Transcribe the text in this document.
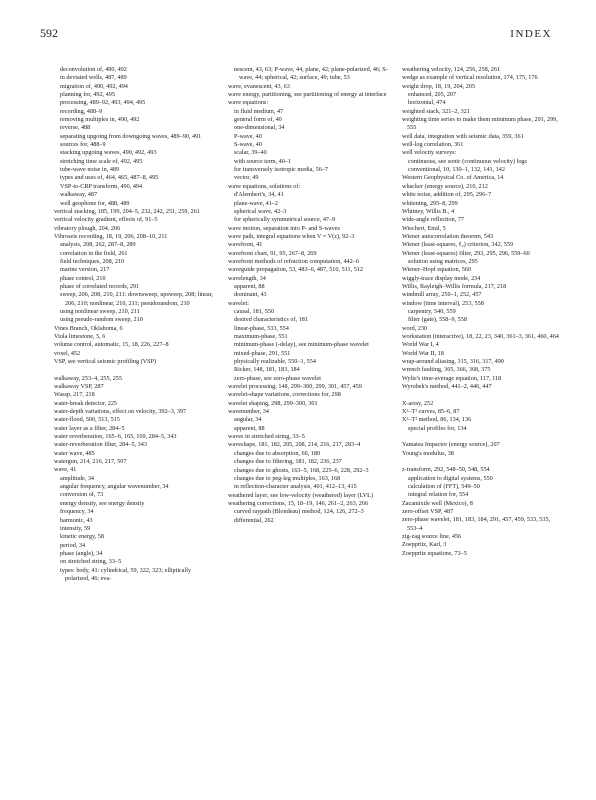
592	INDEX
deconvolution of, 490, 492
in deviated wells, 487, 489
migration of, 490, 492, 494
planning for, 492, 495
processing, 489–92, 493, 494, 495
recording, 488–9
removing multiples in, 490, 492
reverse, 488
separating upgoing from downgoing waves, 489–90, 491
sources for, 488–9
stacking upgoing waves, 490, 492, 493
stretching time scale of, 492, 495
tube-wave noise in, 489
types and uses of, 464, 465, 487–8, 495
VSP-to-CRP transform, 490, 494
walkaway, 487
well geophone for, 488, 489
vertical stacking, 185, 199, 204–5, 232, 242, 251, 259, 261
vertical velocity gradient, effects of, 91–5
vibratory plough, 204, 206
Vibroseis recording, 18, 19, 206, 208–10, 211
analysis, 208, 262, 287–8, 289
correlation in the field, 261
field techniques, 208, 210
marine version, 217
phase control, 210
phase of correlated records, 291
sweep, 206, 208, 210, 211: downsweep, upsweep, 208; linear, 206, 210; nonlinear, 210, 211; pseudorandom, 210
using nonlinear sweep, 210, 211
using pseudo-random sweep, 210
Vines Branch, Oklahoma, 6
Viola limestone, 5, 6
volume control, automatic, 15, 18, 226, 227–8
voxel, 452
VSP, see vertical seismic profiling (VSP)
walkaway, 253–4, 255, 255
walkaway VSP, 287
Wassp, 217, 218
water-break detector, 225
water-depth variations, effect on velocity, 392–3, 397
water-flood, 500, 513, 515
water layer as a filter, 284–5
water reverberation, 165–6, 165, 169, 284–5, 343
water-reverberation filter, 284–5, 343
water wave, 485
watergun, 214, 216, 217, 507
wave, 41
amplitude, 34
angular frequency, angular wavenumber, 34
conversion of, 73
energy density, see energy density
frequency, 34
harmonic, 43
intensity, 59
kinetic energy, 58
period, 34
phase (angle), 34
on stretched string, 33–5
types: body, 41: cylindrical, 59, 322, 323; elliptically polarized, 46; eva-
nescent, 43, 63; P-wave, 44, plane, 42; plane-polarized, 46; S-wave, 44; spherical, 42; surface, 49; tube, 53
wave, evanescent, 43, 63
wave energy, partitioning, see partitioning of energy at interface
wave equations:
in fluid medium, 47
general form of, 40
one-dimensional, 34
P-wave, 40
S-wave, 40
scalar, 39–40
with source term, 40–1
for transversely isotropic media, 56–7
vector, 49
wave equations, solutions of:
d'Alembert's, 34, 41
plane-wave, 41–2
spherical wave, 42–3
for spherically symmetrical source, 47–9
wave motion, separation into P- and S-waves
wave path, integral equations when V = V(z), 92–3
wavefront, 41
wavefront chart, 91, 95, 267–8, 269
wavefront methods of refraction computation, 442–6
waveguide propagation, 53, 483–6, 487, 510, 511, 512
wavelength, 34
apparent, 88
dominant, 43
wavelet:
causal, 181, 550
desired characteristics of, 181
linear-phase, 533, 554
maximum-phase, 551
minimum-phase (-delay), see minimum-phase wavelet
mixed-phase, 291, 551
physically realizable, 550–1, 554
Ricker, 148, 181, 183, 184
zero-phase, see zero-phase wavelet
wavelet processing, 148, 299–300, 299, 301, 457, 459
wavelet-shape variations, corrections for, 298
wavelet shaping, 298, 299–300, 301
wavenumber, 34
angular, 34
apparent, 88
waves in stretched string, 33–5
waveshape, 181, 182, 205, 208, 214, 216, 217, 283–4
changes due to absorption, 60, 180
changes due to filtering, 181, 182, 236, 237
changes due to ghosts, 163–5, 168, 225–6, 228, 292–3
changes due to peg-leg multiples, 163, 168
in reflection-character analysis, 401, 412–13, 415
weathered layer, see low-velocity (weathered) layer (LVL)
weathering corrections, 15, 18–19, 146, 261–2, 263, 266
curved raypath (Blondeau) method, 124, 126, 272–3
differential, 262
weathering velocity, 124, 256, 258, 261
wedge as example of vertical resolution, 174, 175, 176
weight drop, 18, 19, 204, 205
enhanced, 205, 207
horizontal, 474
weighted stack, 321–2, 321
weighting time series to make them minimum phase, 291, 299, 555
well data, integration with seismic data, 359, 361
well-log correlation, 361
well velocity surveys:
continuous, see sonic (continuous velocity) logs
conventional, 10, 130–1, 132, 141, 142
Western Geophysical Co. of America, 14
whacker (energy source), 210, 212
white noise, addition of, 295, 296–7
whitening, 295–8, 299
Whitney, Willis B., 4
wide-angle reflection, 77
Wiechert, Emil, 5
Wiener autocorrelation theorem, 543
Wiener (least-squares, ℓ₂) criterion, 342, 559
Wiener (least-squares) filter, 293, 295, 296, 559–60
solution using matrices, 295
Wiener–Hopf equation, 560
wiggly-trace display mode, 234
Willis, Rayleigh–Willis formula, 217, 218
windmill array, 250–1, 252, 457
window (time interval), 253, 558
carpentry, 540, 559
filter (gate), 558–9, 558
word, 230
workstation (interactive), 18, 22, 23, 340, 361–3, 361, 460, 464
World War I, 4
World War II, 18
wrap-around aliasing, 315, 316, 317, 490
wrench faulting, 365, 366, 368, 375
Wylie's time-average equation, 117, 118
Wyrobek's method, 441–2, 446, 447
X-array, 252
X²–T² curves, 85–6, 87
X²–T² method, 86, 134, 136
special profiles for, 134
Yamatsu Impactor (energy source), 207
Young's modulus, 38
z-transform, 292, 548–50, 548, 554
application to digital systems, 550
calculation of (FFT), 549–50
integral relation for, 554
Zacamixtle well (Mexico), 8
zero-offset VSP, 487
zero-phase wavelet, 181, 183, 184, 291, 457, 459, 533, 535, 553–4
zig-zag source line, 456
Zoeppritz, Karl, 3
Zoeppritz equations, 73–5
